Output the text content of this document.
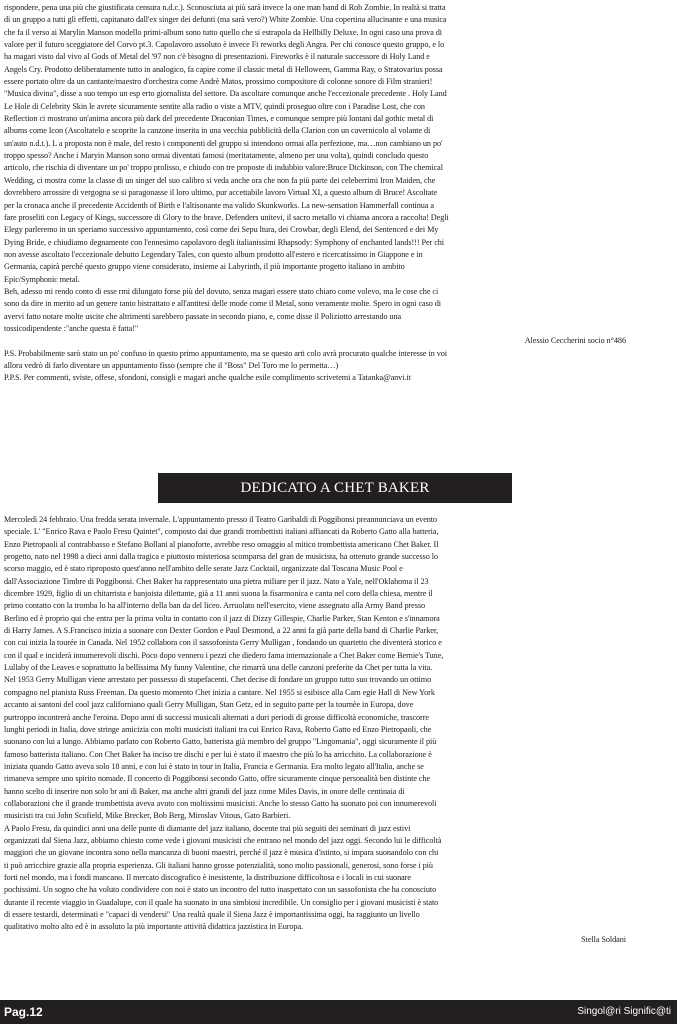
rispondere, pena una più che giustificata censura n.d.c.). Sconosciuta ai più sarà invece la one man band di Rob Zombie. In realtà si tratta
di un gruppo a tutti gli effetti, capitanato dall'ex singer dei defunti (ma sarà vero?) White Zombie. Una copertina allucinante e una musica
che fa il verso ai Marylin Manson modello primi-album sono tutto quello che si estrapola da Hellbilly Deluxe. In ogni caso una prova di
valore per il futuro sceggiatore del Corvo pt.3. Capolavoro assoluto è invece Fi reworks degli Angra. Per chi conosce questo gruppo, e lo
ha magari visto dal vivo al Gods of Metal del '97 non c'è bisogno di presentazioni. Fireworks è il naturale successore di Holy Land e
Angels Cry. Prodotto deliberatamente tutto in analogico, fa capire come il classic metal di Helloween, Gamma Ray, o Stratovarius possa
essere portato oltre da un cantante/maestro d'orchestra come Andrè Matos, prossimo compositore di colonne sonore di Film stranieri!
"Musica divina", disse a suo tempo un esp erto giornalista del settore. Da ascoltare comunque anche l'eccezionale precedente . Holy Land
Le Hole di Celebrity Skin le avrete sicuramente sentite alla radio o viste a MTV, quindi proseguo oltre con i Paradise Lost, che con
Reflection ci mostrano un'anima ancora più dark del precedente Draconian Times, e comunque sempre più lontani dal gothic metal di
albums come Icon (Ascoltatelo e scoprite la canzone inserita in una vecchia pubblicità della Clarion con un cavernicolo al volante di
un'auto n.d.t.). L a proposta non è male, del resto i componenti del gruppo si intendono ormai alla perfezione, ma…non cambiano un po'
troppo spesso? Anche i Maryin Manson sono ormai diventati famosi (meritatamente, almeno per una volta), quindi concludo questo
articolo, che rischia di diventare un po' troppo prolisso, e chiudo con tre proposte di indubbio valore:Bruce Dickinson, con The chemical
Wedding, ci mostra come la classe di un singer del suo calibro si veda anche ora che non fa più parte dei celeberrimi Iron Maiden, che
dovrebbero arrossire di vergogna se si paragonasse il loro ultimo, pur accettabile lavoro Virtual XI, a questo album di Bruce! Ascoltate
per la cronaca anche il precedente Accidenth of Birth e l'altisonante ma valido Skunkworks. La new-sensation Hammerfall continua a
fare proseliti con Legacy of Kings, successore di Glory to the brave. Defenders unitevi, il sacro metallo vi chiama ancora a raccolta! Degli
Elegy parleremo in un speriamo successivo appuntamento, così come dei Sepu ltura, dei Crowbar, degli Elend, dei Sentenced e dei My
Dying Bride, e chiudiamo degnamente con l'ennesimo capolavoro degli italianissimi Rhapsody: Symphony of enchanted lands!!! Per chi
non avesse ascoltato l'eccezionale debutto Legendary Tales, con questo album prodotto all'estero e ricercatissimo in Giappone e in
Germania, capirà perché questo gruppo viene considerato, insieme ai Labyrinth, il più importante progetto italiano in ambito
Epic/Symphonic metal.
Beh, adesso mi rendo conto di esse rmi dilungato forse più del dovuto, senza magari essere stato chiaro come volevo, ma le cose che ci
sono da dire in merito ad un genere tanto bistrattato e all'antitesi delle mode come il Metal, sono veramente molte. Spero in ogni caso di
avervi fatto notare molte uscite che altrimenti sarebbero passate in secondo piano, e, come disse il Poliziotto arrestando una
tossicodipendente :"anche questa è fatta!"
Alessio Ceccherini socio n°486
P.S. Probabilmente sarò stato un po' confuso in questo primo appuntamento, ma se questo arti colo avrà procurato qualche interesse in voi
allora vedrò di farlo diventare un appuntamento fisso (sempre che il "Boss" Del Toro me lo permetta…)
P.P.S. Per commenti, sviste, offese, sfondoni, consigli e magari anche qualche esile complimento scrivetemi a Tatanka@anvi.it
DEDICATO A CHET BAKER
Mercoledì 24 febbraio. Una fredda serata invernale. L'appuntamento presso il Teatro Garibaldi di Poggibonsi preannunciava un evento
speciale. L' "Enrico Rava e Paolo Fresu Quintet", composto dai due grandi trombettisti italiani affiancati da Roberto Gatto alla batteria,
Enzo Pietropaoli al contrabbasso e Stefano Bollani al pianoforte, avrebbe reso omaggio al mitico trombettista americano Chet Baker. Il
progetto, nato nel 1998 a dieci anni dalla tragica e piuttosto misteriosa scomparsa del gran de musicista, ha ottenuto grande successo lo
scorso maggio, ed è stato riproposto quest'anno nell'ambito delle serate Jazz Cocktail, organizzate dal Toscana Music Pool e
dall'Associazione Timbre di Poggibonsi. Chet Baker ha rappresentato una pietra miliare per il jazz. Nato a Yale, nell'Oklahoma il 23
dicembre 1929, figlio di un chitarrista e banjoista dilettante, già a 11 anni suona la fisarmonica e canta nel coro della chiesa, mentre il
primo contatto con la tromba lo ha all'interno della ban da del liceo. Arruolato nell'esercito, viene assegnato alla Army Band presso
Berlino ed è proprio qui che entra per la prima volta in contatto con il jazz di Dizzy Gillespie, Charlie Parker, Stan Kenton e s'innamora
di Harry James. A S.Francisco inizia a suonare con Dexter Gordon e Paul Desmond, a 22 anni fa già parte della band di Charlie Parker,
con cui inizia la tourée in Canada. Nel 1952 collabora con il sassofonista Gerry Mulligan , fondando un quartetto che diventerà storico e
con il qual e inciderà innumerevoli dischi. Poco dopo vennero i pezzi che diedero fama internazionale a Chet Baker come Bernie's Tune,
Lullaby of the Leaves e soprattutto la bellissima My funny Valentine, che rimarrà una delle canzoni preferite da Chet per tutta la vita.
Nel 1953 Gerry Mulligan viene arrestato per possesso di stupefacenti. Chet decise di fondare un gruppo tutto suo trovando un ottimo
compagno nel pianista Russ Freeman. Da questo momento Chet inizia a cantare. Nel 1955 si esibisce alla Carn egie Hall di New York
accanto ai santoni del cool jazz californiano quali Gerry Mulligan, Stan Getz, ed in seguito parte per la tournèe in Europa, dove
purtroppo incontrerà anche l'eroina. Dopo anni di successi musicali alternati a duri periodi di grosse difficoltà economiche, trascorre
lunghi periodi in Italia, dove stringe amicizia con molti musicisti italiani tra cui Enrico Rava, Roberto Gatto ed Enzo Pietropaoli, che
suonano con lui a lungo. Abbiamo parlato con Roberto Gatto, batterista già membro del gruppo "Lingomania", oggi sicuramente il più
famoso batterista italiano. Con Chet Baker ha inciso tre dischi e per lui è stato il maestro che più lo ha arricchito. La collaborazione è
iniziata quando Gatto aveva solo 18 anni, e con lui è stato in tour in Italia, Francia e Germania. Era molto legato all'Italia, anche se
rimaneva sempre uno spirito nomade. Il concerto di Poggibonsi secondo Gatto, offre sicuramente cinque personalità ben distinte che
hanno scelto di inserire non solo br ani di Baker, ma anche altri grandi del jazz come Miles Davis, in onore delle centinaia di
collaborazioni che il grande trombettista aveva avuto con moltissimi musicisti. Anche lo stesso Gatto ha suonato poi con innumerevoli
musicisti tra cui John Scofield, Mike Brecker, Bob Berg, Miroslav Vitous, Gato Barbieri.
A Paolo Fresu, da quindici anni una delle punte di diamante del jazz italiano, docente trai più seguiti dei seminari di jazz estivi
organizzati dal Siena Jazz, abbiamo chiesto come vede i giovani musicisti che entrano nel mondo del jazz oggi. Secondo lui le difficoltà
maggiori che un giovane incontra sono nella mancanza di buoni maestri, perché il jazz è musica d'istinto, si impara suonandolo con chi
ti può arricchire grazie alla propria esperienza. Gli italiani hanno grosse potenzialità, sono molto passionali, generosi, sono forse i più
forti nel mondo, ma i fondi mancano. Il mercato discografico è inesistente, la distribuzione difficoltosa e i locali in cui suonare
pochissimi. Un sogno che ha voluto condividere con noi è stato un incontro del tutto inaspettato con un sassofonista che ha conosciuto
durante il recente viaggio in Guadalupe, con il quale ha suonato in una simbiosi incredibile. Un consiglio per i giovani musicisti è stato
di essere testardi, determinati e "capaci di vendersi" Una realtà quale il Siena Jazz è importantissima oggi, ha raggiunto un livello
qualitativo molto alto ed è in assoluto la più importante attività didattica jazzistica in Europa.
Stella Soldani
Pag.12	Singol@ri Signific@ti
